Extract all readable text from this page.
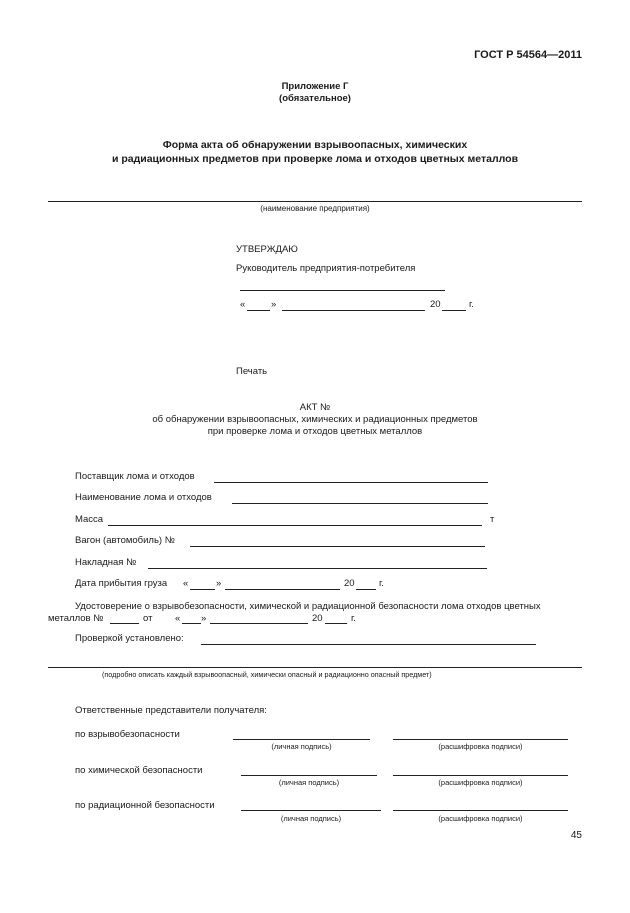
ГОСТ Р 54564—2011
Приложение Г
(обязательное)
Форма акта об обнаружении взрывоопасных, химических
и радиационных предметов при проверке лома и отходов цветных металлов
(наименование предприятия)
УТВЕРЖДАЮ
Руководитель предприятия-потребителя
«	»	20	г.
Печать
АКТ №
об обнаружении взрывоопасных, химических и радиационных предметов
при проверке лома и отходов цветных металлов
Поставщик лома и отходов
Наименование лома и отходов
Масса	т
Вагон (автомобиль) №
Накладная №
Дата прибытия груза «	»	20	г.
Удостоверение о взрывобезопасности, химической и радиационной безопасности лома отходов цветных
металлов №	от « »	20	г.
Проверкой установлено:
(подробно описать каждый взрывоопасный, химически опасный и радиационно опасный предмет)
Ответственные представители получателя:
по взрывобезопасности
(личная подпись)	(расшифровка подписи)
по химической безопасности
(личная подпись)	(расшифровка подписи)
по радиационной безопасности
(личная подпись)	(расшифровка подписи)
45
